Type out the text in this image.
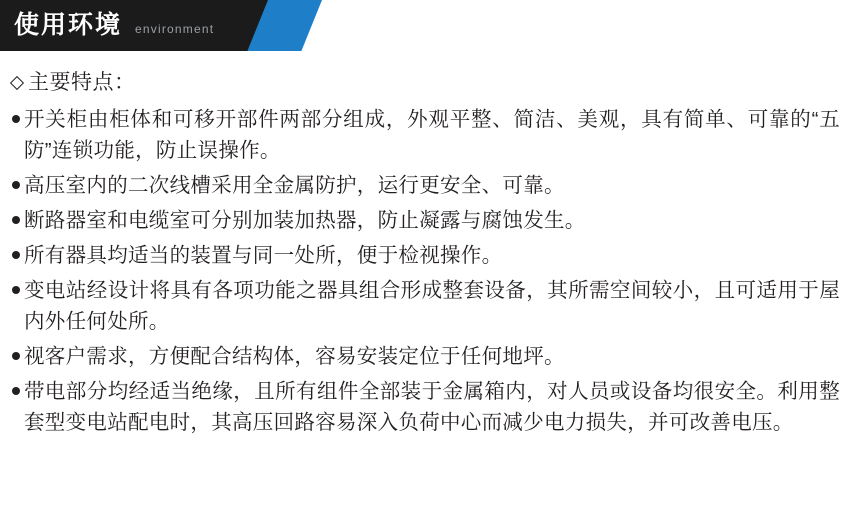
使用环境 environment
主要特点：
开关柜由柜体和可移开部件两部分组成，外观平整、简洁、美观，具有简单、可靠的“五防”连锁功能，防止误操作。
高压室内的二次线槽采用全金属防护，运行更安全、可靠。
断路器室和电缆室可分别加装加热器，防止凝露与腐蚀发生。
所有器具均适当的装置与同一处所，便于检视操作。
变电站经设计将具有各项功能之器具组合形成整套设备，其所需空间较小，且可适用于屋内外任何处所。
视客户需求，方便配合结构体，容易安装定位于任何地坪。
带电部分均经适当绝缘，且所有组件全部装于金属箱内，对人员或设备均很安全。利用整套型变电站配电时，其高压回路容易深入负荷中心而减少电力损失，并可改善电压。
